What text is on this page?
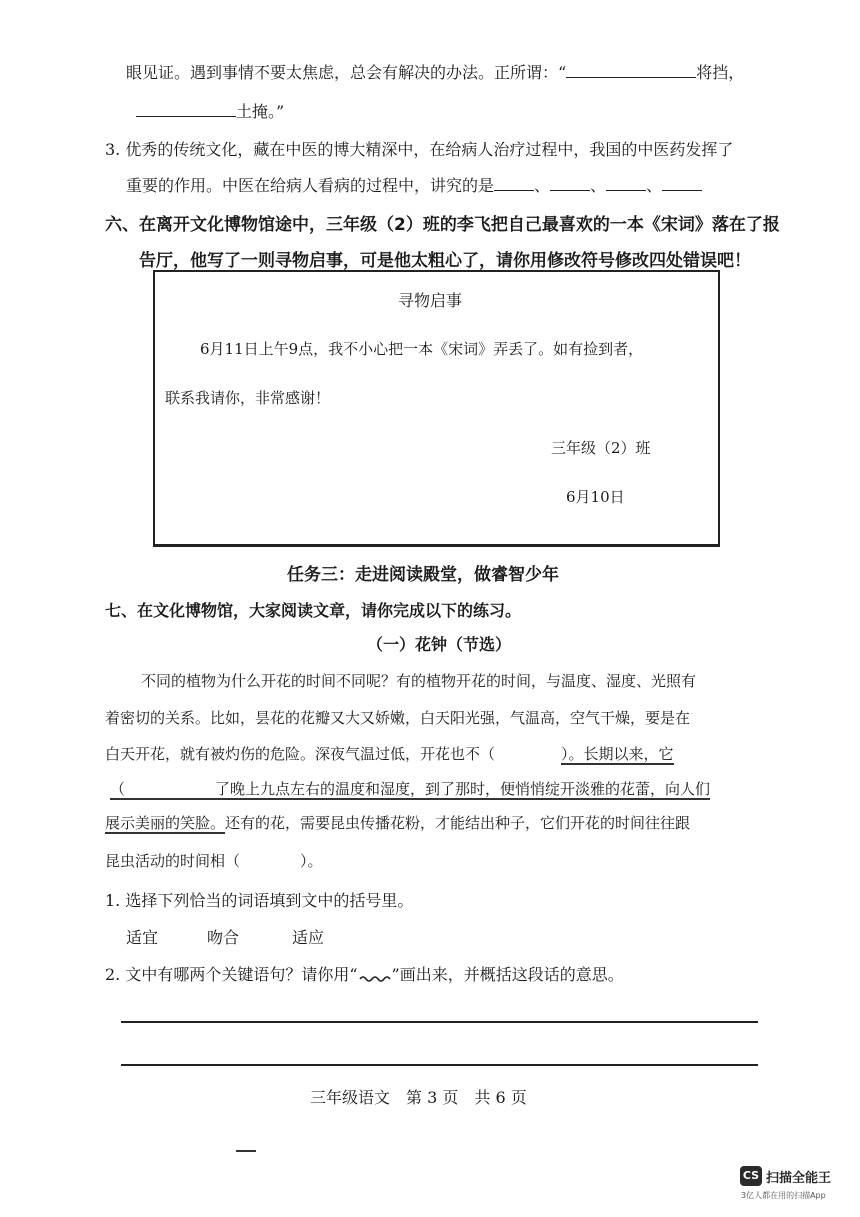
眼见证。遇到事情不要太焦虑，总会有解决的办法。正所谓：“	将挡，
土掩。”
3. 优秀的传统文化，藏在中医的博大精深中，在给病人治疗过程中，我国的中医药发挥了
重要的作用。中医在给病人看病的过程中，讲究的是	、	、	、
六、在离开文化博物馆途中，三年级（2）班的李飞把自己最喜欢的一本《宋词》落在了报
告厅，他写了一则寻物启事，可是他太粗心了，请你用修改符号修改四处错误吧！
寻物启事
6月11日上午9点，我不小心把一本《宋词》弄丢了。如有捡到者，
联系我请你，非常感谢！
三年级（2）班
6月10日
任务三：走进阅读殿堂，做睿智少年
七、在文化博物馆，大家阅读文章，请你完成以下的练习。
（一）花钟（节选）
不同的植物为什么开花的时间不同呢？有的植物开花的时间，与温度、湿度、光照有
着密切的关系。比如，昙花的花瓣又大又娇嫩，白天阳光强，气温高，空气干燥，要是在
白天开花，就有被灼伤的危险。深夜气温过低，开花也不（	）。长期以来，它
（　　　　　　了晚上九点左右的温度和湿度，到了那时，便悄悄绽开淡雅的花蕾，向人们
展示美丽的笑脸。还有的花，需要昆虫传播花粉，才能结出种子，它们开花的时间往往跟
昆虫活动的时间相（　　　　）。
1. 选择下列恰当的词语填到文中的括号里。
适宜	吻合	适应
2. 文中有哪两个关键语句？请你用“ ”画出来，并概括这段话的意思。
三年级语文　第 3 页　共 6 页
CS 扫描全能王
3亿人都在用的扫描App
